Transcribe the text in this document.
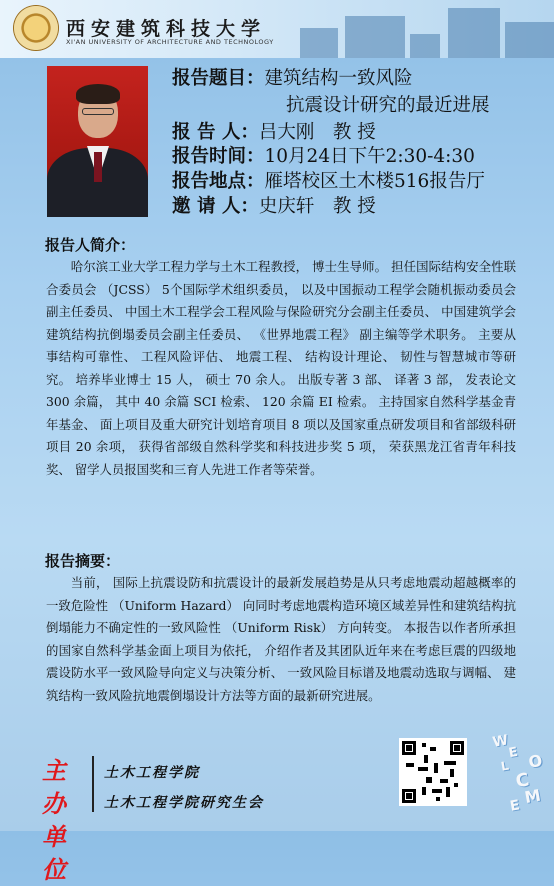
西安建筑科技大学
XI'AN UNIVERSITY OF ARCHITECTURE AND TECHNOLOGY
报告题目：建筑结构一致风险
抗震设计研究的最近进展
报 告 人：吕大刚　教 授
报告时间：10月24日下午2:30-4:30
报告地点：雁塔校区土木楼516报告厅
邀 请 人：史庆轩　教 授
报告人简介：
哈尔滨工业大学工程力学与土木工程教授， 博士生导师。 担任国际结构安全性联合委员会 （JCSS） 5个国际学术组织委员， 以及中国振动工程学会随机振动委员会副主任委员、 中国土木工程学会工程风险与保险研究分会副主任委员、 中国建筑学会建筑结构抗倒塌委员会副主任委员、 《世界地震工程》 副主编等学术职务。 主要从事结构可靠性、 工程风险评估、 地震工程、 结构设计理论、 韧性与智慧城市等研究。 培养毕业博士 15 人， 硕士 70 余人。 出版专著 3 部、 译著 3 部， 发表论文 300 余篇， 其中 40 余篇 SCI 检索、 120 余篇 EI 检索。 主持国家自然科学基金青年基金、 面上项目及重大研究计划培育项目 8 项以及国家重点研发项目和省部级科研项目 20 余项， 获得省部级自然科学奖和科技进步奖 5 项， 荣获黑龙江省青年科技奖、 留学人员报国奖和三育人先进工作者等荣誉。
报告摘要：
当前， 国际上抗震设防和抗震设计的最新发展趋势是从只考虑地震动超越概率的一致危险性 （Uniform Hazard） 向同时考虑地震构造环境区域差异性和建筑结构抗倒塌能力不确定性的一致风险性 （Uniform Risk） 方向转变。 本报告以作者所承担的国家自然科学基金面上项目为依托， 介绍作者及其团队近年来在考虑巨震的四级地震设防水平一致风险导向定义与决策分析、 一致风险目标谱及地震动选取与调幅、 建筑结构一致风险抗地震倒塌设计方法等方面的最新研究进展。
主办单位
土木工程学院
土木工程学院研究生会
W
E
L
C
O
M
E
